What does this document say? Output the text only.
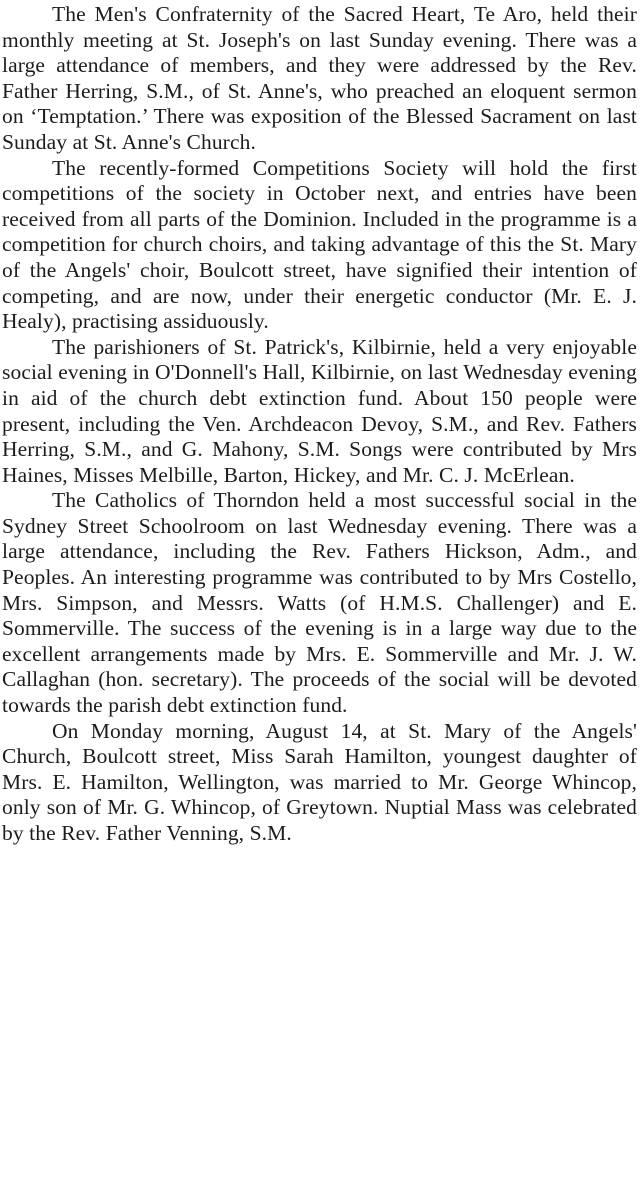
The Men's Confraternity of the Sacred Heart, Te Aro, held their monthly meeting at St. Joseph's on last Sunday evening. There was a large attendance of members, and they were addressed by the Rev. Father Herring, S.M., of St. Anne's, who preached an eloquent sermon on ‘Temptation.’ There was exposition of the Blessed Sacrament on last Sunday at St. Anne's Church.

The recently-formed Competitions Society will hold the first competitions of the society in October next, and entries have been received from all parts of the Dominion. Included in the programme is a competition for church choirs, and taking advantage of this the St. Mary of the Angels' choir, Boulcott street, have signified their intention of competing, and are now, under their energetic conductor (Mr. E. J. Healy), practising assiduously.

The parishioners of St. Patrick's, Kilbirnie, held a very enjoyable social evening in O'Donnell's Hall, Kilbirnie, on last Wednesday evening in aid of the church debt extinction fund. About 150 people were present, including the Ven. Archdeacon Devoy, S.M., and Rev. Fathers Herring, S.M., and G. Mahony, S.M. Songs were contributed by Mrs Haines, Misses Melbille, Barton, Hickey, and Mr. C. J. McErlean.

The Catholics of Thorndon held a most successful social in the Sydney Street Schoolroom on last Wednesday evening. There was a large attendance, including the Rev. Fathers Hickson, Adm., and Peoples. An interesting programme was contributed to by Mrs Costello, Mrs. Simpson, and Messrs. Watts (of H.M.S. Challenger) and E. Sommerville. The success of the evening is in a large way due to the excellent arrangements made by Mrs. E. Sommerville and Mr. J. W. Callaghan (hon. secretary). The proceeds of the social will be devoted towards the parish debt extinction fund.

On Monday morning, August 14, at St. Mary of the Angels' Church, Boulcott street, Miss Sarah Hamilton, youngest daughter of Mrs. E. Hamilton, Wellington, was married to Mr. George Whincop, only son of Mr. G. Whincop, of Greytown. Nuptial Mass was celebrated by the Rev. Father Venning, S.M.
